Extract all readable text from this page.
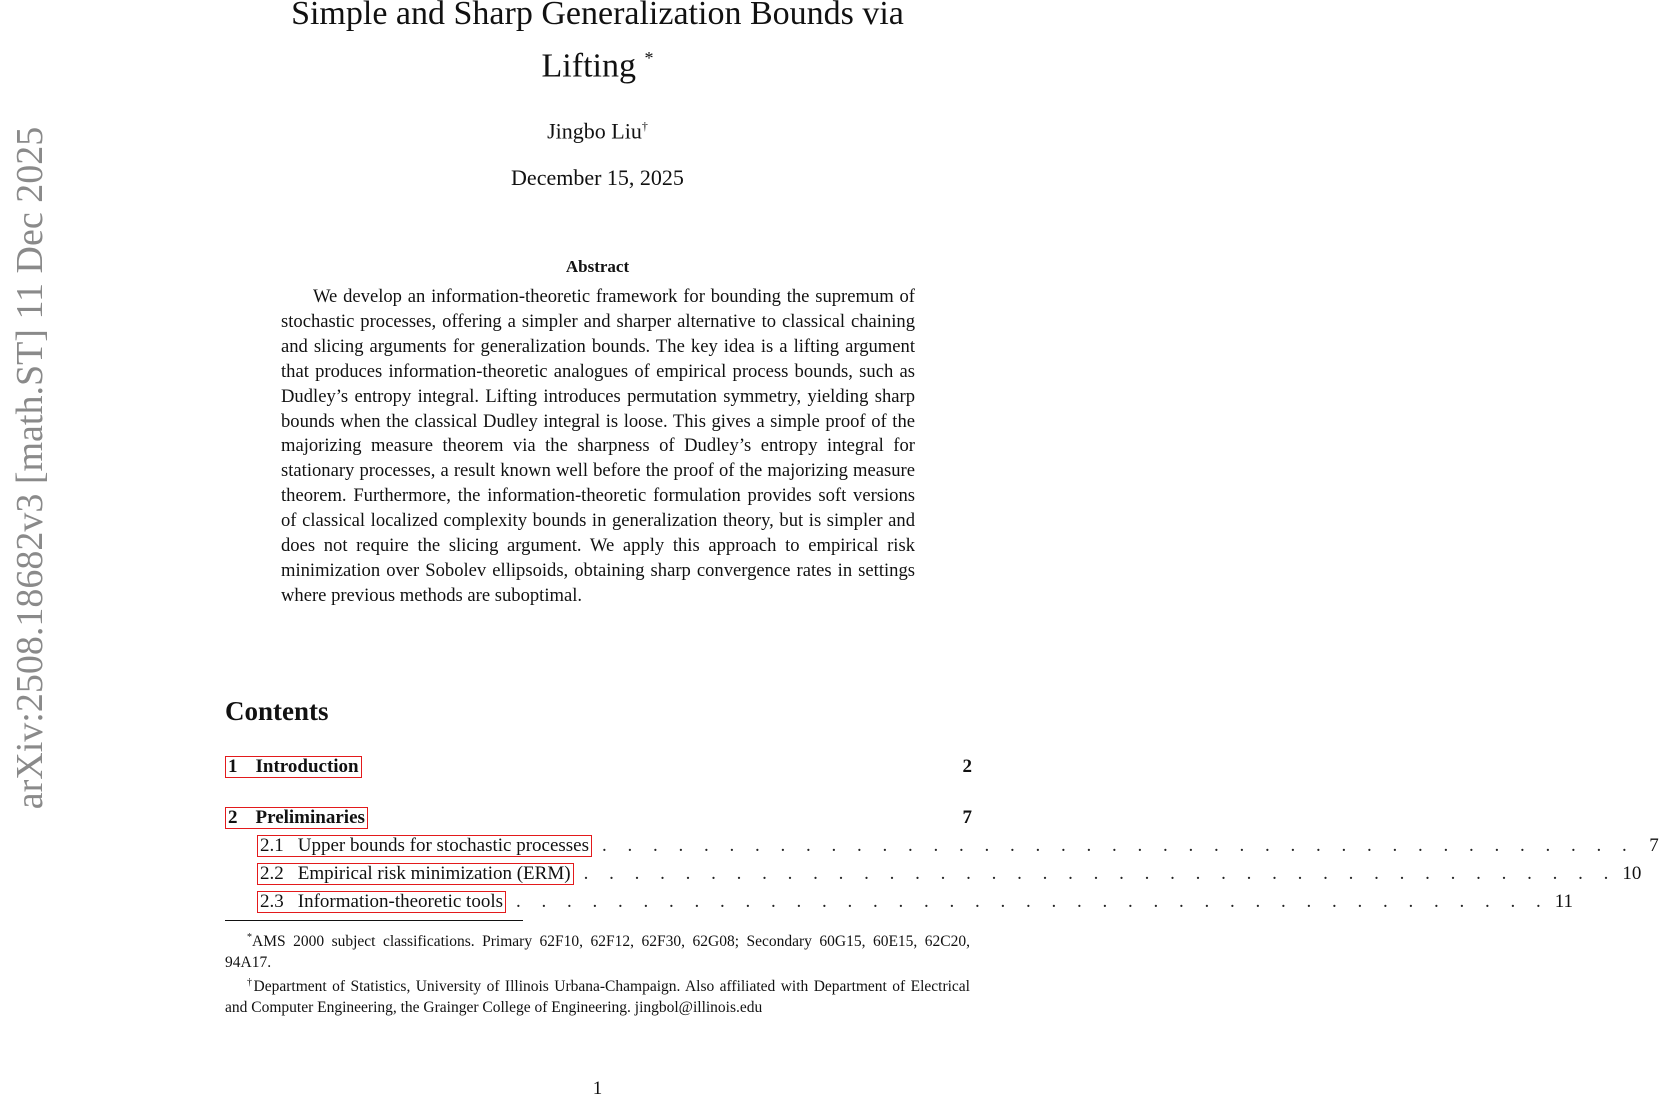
arXiv:2508.18682v3 [math.ST] 11 Dec 2025
Simple and Sharp Generalization Bounds via
Lifting *
Jingbo Liu†
December 15, 2025
Abstract

We develop an information-theoretic framework for bounding the supremum of stochastic processes, offering a simpler and sharper alternative to classical chaining and slicing arguments for generalization bounds. The key idea is a lifting argument that produces information-theoretic analogues of empirical process bounds, such as Dudley’s entropy integral. Lifting introduces permutation symmetry, yielding sharp bounds when the classical Dudley integral is loose. This gives a simple proof of the majorizing measure theorem via the sharpness of Dudley’s entropy integral for stationary processes, a result known well before the proof of the majorizing measure theorem. Furthermore, the information-theoretic formulation provides soft versions of classical localized complexity bounds in generalization theory, but is simpler and does not require the slicing argument. We apply this approach to empirical risk minimization over Sobolev ellipsoids, obtaining sharp convergence rates in settings where previous methods are suboptimal.

Contents
1 Introduction	2
2 Preliminaries	7
2.1 Upper bounds for stochastic processes . . . . . . . . . . . . . . . . . . . . . . . . . . . . . . . . . . . . . . . . . 7
2.2 Empirical risk minimization (ERM) . . . . . . . . . . . . . . . . . . . . . . . . . . . . . . . . . . . . . . . . . 10
2.3 Information-theoretic tools . . . . . . . . . . . . . . . . . . . . . . . . . . . . . . . . . . . . . . . . . 11

*AMS 2000 subject classifications. Primary 62F10, 62F12, 62F30, 62G08; Secondary 60G15, 60E15, 62C20, 94A17.

†Department of Statistics, University of Illinois Urbana-Champaign. Also affiliated with Department of Electrical and Computer Engineering, the Grainger College of Engineering. jingbol@illinois.edu

1
